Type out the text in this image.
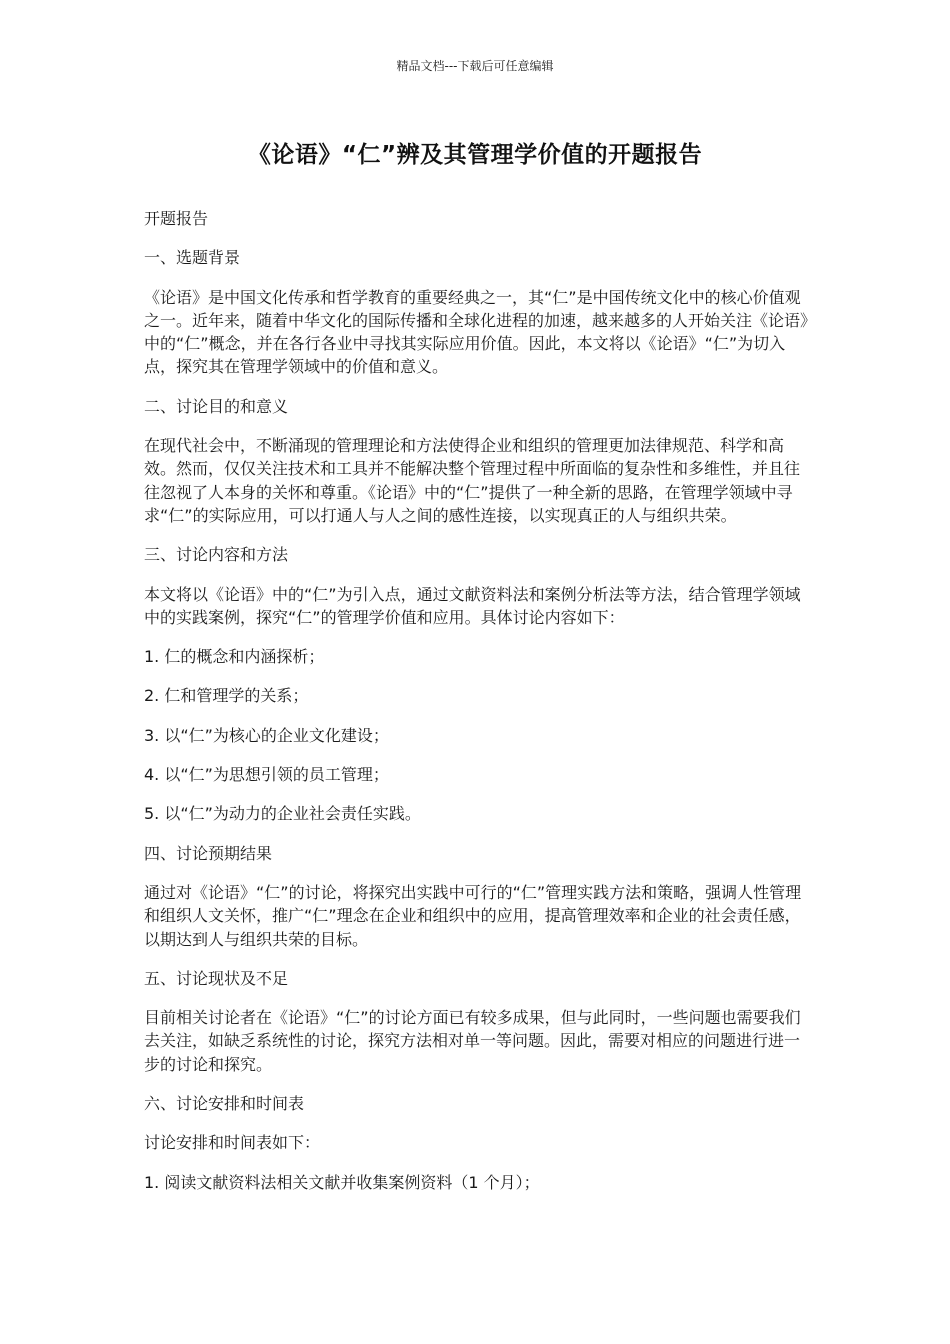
精品文档---下载后可任意编辑
《论语》“仁”辨及其管理学价值的开题报告

开题报告

一、选题背景

《论语》是中国文化传承和哲学教育的重要经典之一，其“仁”是中国传统文化中的核心价值观之一。近年来，随着中华文化的国际传播和全球化进程的加速，越来越多的人开始关注《论语》中的“仁”概念，并在各行各业中寻找其实际应用价值。因此，本文将以《论语》“仁”为切入点，探究其在管理学领域中的价值和意义。

二、讨论目的和意义

在现代社会中，不断涌现的管理理论和方法使得企业和组织的管理更加法律规范、科学和高效。然而，仅仅关注技术和工具并不能解决整个管理过程中所面临的复杂性和多维性，并且往往忽视了人本身的关怀和尊重。《论语》中的“仁”提供了一种全新的思路，在管理学领域中寻求“仁”的实际应用，可以打通人与人之间的感性连接，以实现真正的人与组织共荣。

三、讨论内容和方法

本文将以《论语》中的“仁”为引入点，通过文献资料法和案例分析法等方法，结合管理学领域中的实践案例，探究“仁”的管理学价值和应用。具体讨论内容如下：

1. 仁的概念和内涵探析；

2. 仁和管理学的关系；

3. 以“仁”为核心的企业文化建设；

4. 以“仁”为思想引领的员工管理；

5. 以“仁”为动力的企业社会责任实践。

四、讨论预期结果

通过对《论语》“仁”的讨论，将探究出实践中可行的“仁”管理实践方法和策略，强调人性管理和组织人文关怀，推广“仁”理念在企业和组织中的应用，提高管理效率和企业的社会责任感，以期达到人与组织共荣的目标。

五、讨论现状及不足

目前相关讨论者在《论语》“仁”的讨论方面已有较多成果，但与此同时，一些问题也需要我们去关注，如缺乏系统性的讨论，探究方法相对单一等问题。因此，需要对相应的问题进行进一步的讨论和探究。

六、讨论安排和时间表

讨论安排和时间表如下：

1. 阅读文献资料法相关文献并收集案例资料（1 个月）；
